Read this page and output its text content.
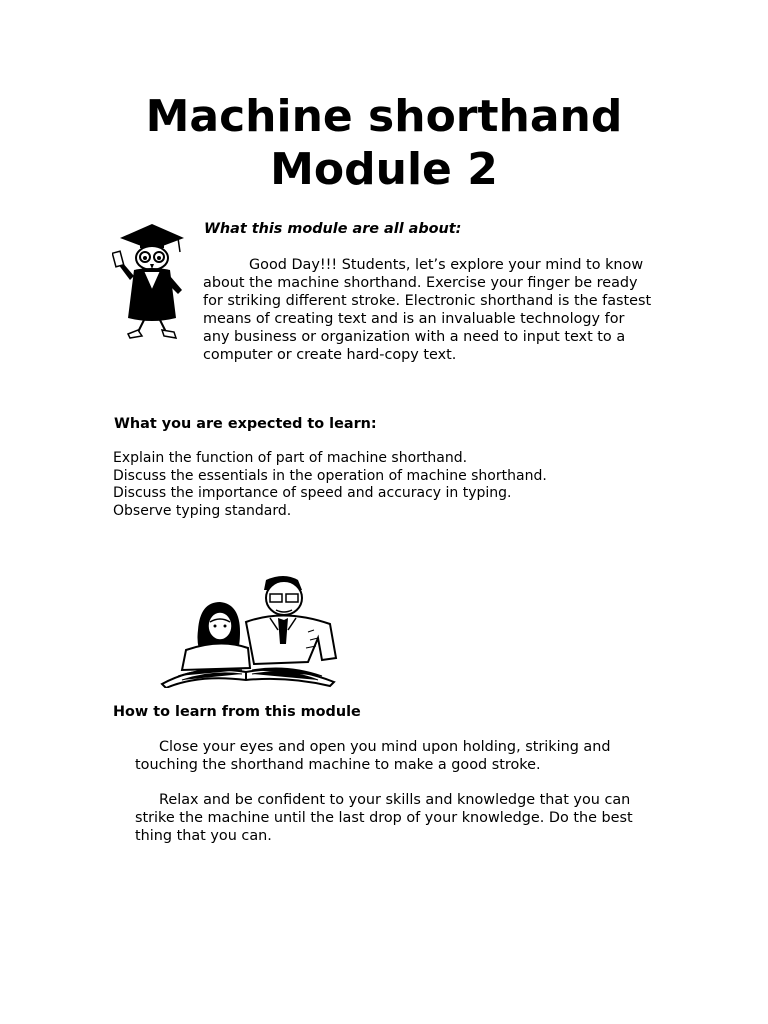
Machine shorthand
Module 2

What this module are all about:

Good Day!!! Students, let’s explore your mind to know about the machine shorthand. Exercise your finger be ready for striking different stroke. Electronic shorthand is the fastest means of creating text and is an invaluable technology for any business or organization with a need to input text to a computer or create hard-copy text.

What you are expected to learn:

Explain the function of part of machine shorthand.

Discuss the essentials in the operation of machine shorthand.

Discuss the importance of speed and accuracy in typing.

Observe typing standard.

How to learn from this module

Close your eyes and open you mind upon holding, striking and touching the shorthand machine to make a good stroke.

Relax and be confident to your skills and knowledge that you can strike the machine until the last drop of your knowledge. Do the best thing that you can.
